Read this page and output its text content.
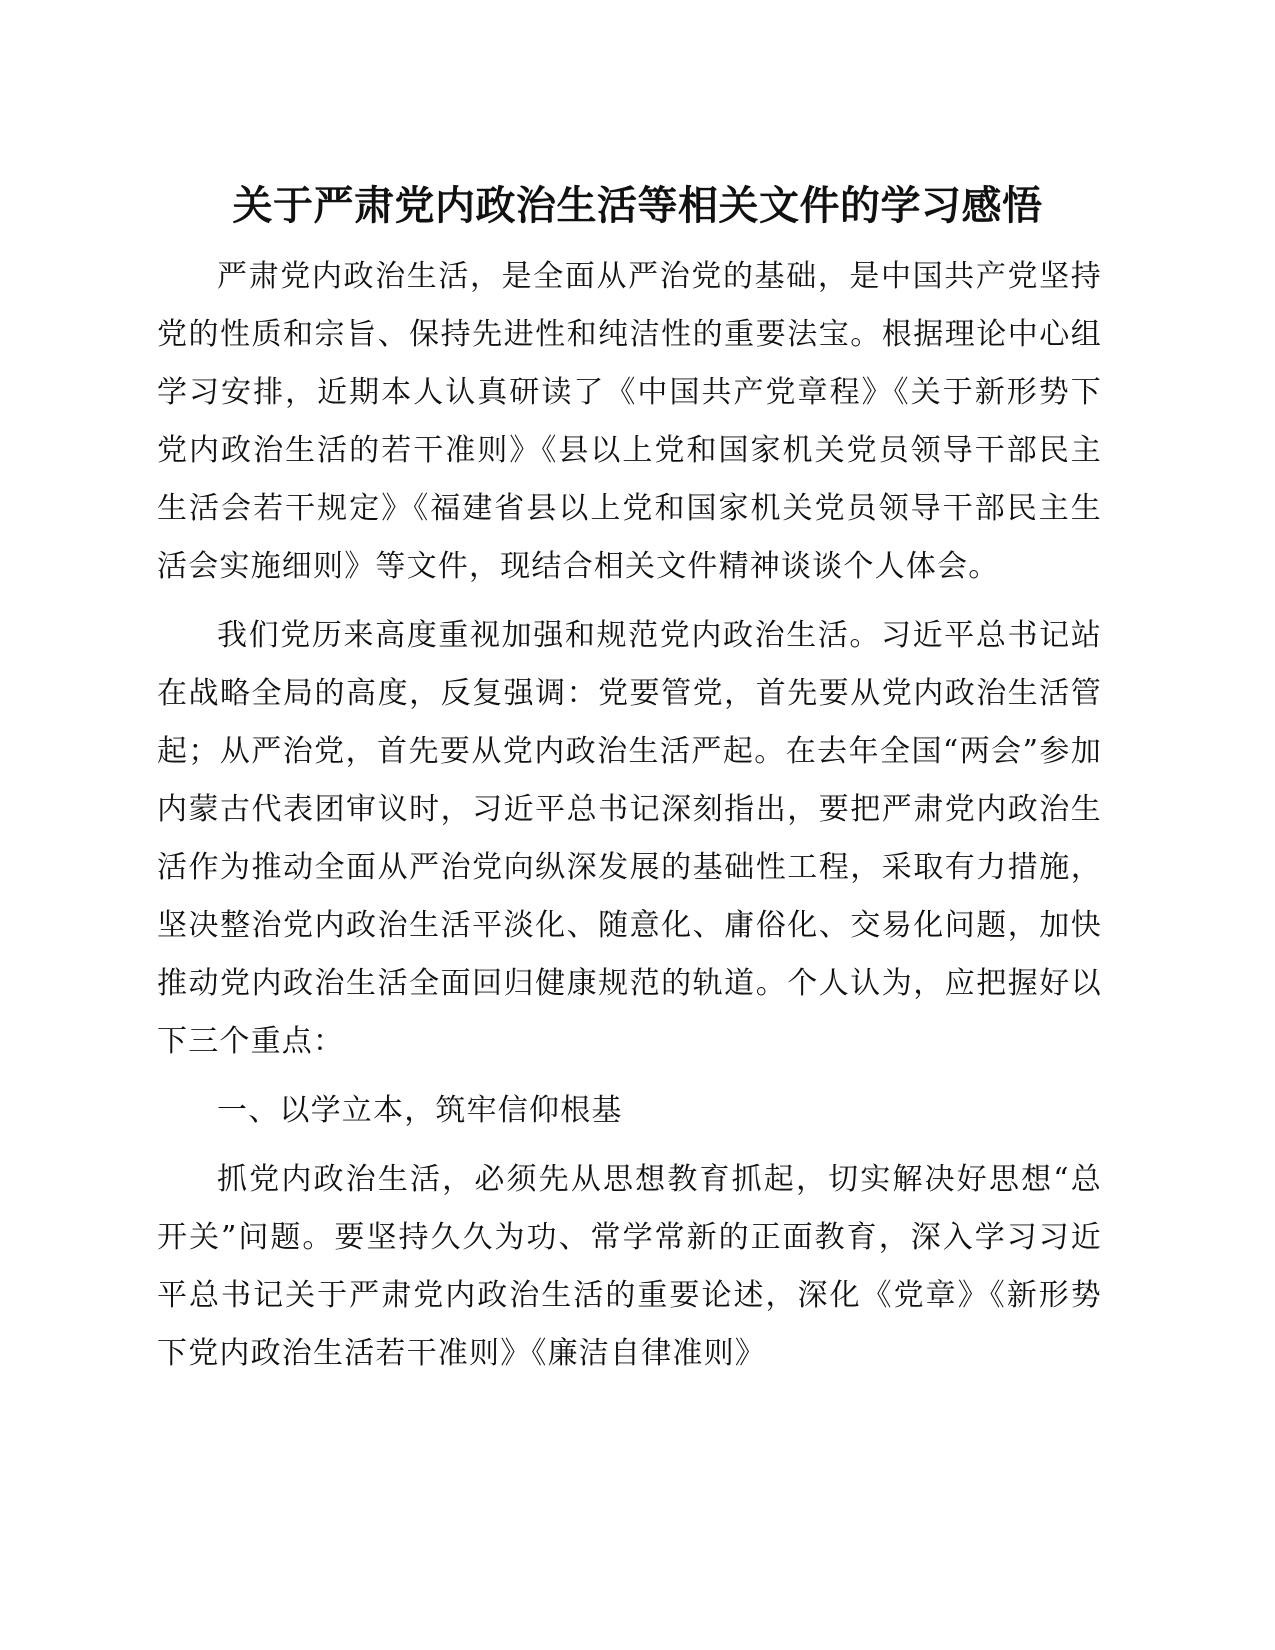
关于严肃党内政治生活等相关文件的学习感悟

严肃党内政治生活，是全面从严治党的基础，是中国共产党坚持党的性质和宗旨、保持先进性和纯洁性的重要法宝。根据理论中心组学习安排，近期本人认真研读了《中国共产党章程》《关于新形势下党内政治生活的若干准则》《县以上党和国家机关党员领导干部民主生活会若干规定》《福建省县以上党和国家机关党员领导干部民主生活会实施细则》等文件，现结合相关文件精神谈谈个人体会。

我们党历来高度重视加强和规范党内政治生活。习近平总书记站在战略全局的高度，反复强调：党要管党，首先要从党内政治生活管起；从严治党，首先要从党内政治生活严起。在去年全国“两会”参加内蒙古代表团审议时，习近平总书记深刻指出，要把严肃党内政治生活作为推动全面从严治党向纵深发展的基础性工程，采取有力措施，坚决整治党内政治生活平淡化、随意化、庸俗化、交易化问题，加快推动党内政治生活全面回归健康规范的轨道。个人认为，应把握好以下三个重点：

一、以学立本，筑牢信仰根基

抓党内政治生活，必须先从思想教育抓起，切实解决好思想“总开关”问题。要坚持久久为功、常学常新的正面教育，深入学习习近平总书记关于严肃党内政治生活的重要论述，深化《党章》《新形势下党内政治生活若干准则》《廉洁自律准则》
